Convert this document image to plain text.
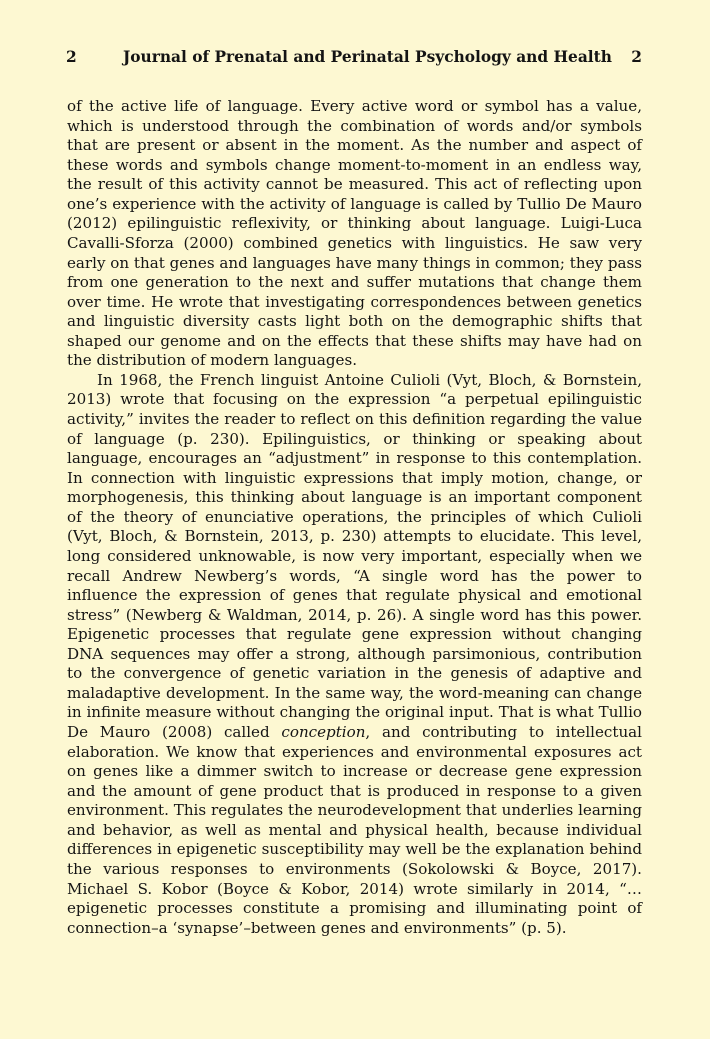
2	Journal of Prenatal and Perinatal Psychology and Health 2

of the active life of language. Every active word or symbol has a value, which is understood through the combination of words and/or symbols that are present or absent in the moment. As the number and aspect of these words and symbols change moment-to-moment in an endless way, the result of this activity cannot be measured. This act of reflecting upon one’s experience with the activity of language is called by Tullio De Mauro (2012) epilinguistic reflexivity, or thinking about language. Luigi-Luca Cavalli-Sforza (2000) combined genetics with linguistics. He saw very early on that genes and languages have many things in common; they pass from one generation to the next and suffer mutations that change them over time. He wrote that investigating correspondences between genetics and linguistic diversity casts light both on the demographic shifts that shaped our genome and on the effects that these shifts may have had on the distribution of modern languages.

In 1968, the French linguist Antoine Culioli (Vyt, Bloch, & Bornstein, 2013) wrote that focusing on the expression “a perpetual epilinguistic activity,” invites the reader to reflect on this definition regarding the value of language (p. 230). Epilinguistics, or thinking or speaking about language, encourages an “adjustment” in response to this contemplation. In connection with linguistic expressions that imply motion, change, or morphogenesis, this thinking about language is an important component of the theory of enunciative operations, the principles of which Culioli (Vyt, Bloch, & Bornstein, 2013, p. 230) attempts to elucidate. This level, long considered unknowable, is now very important, especially when we recall Andrew Newberg’s words, “A single word has the power to influence the expression of genes that regulate physical and emotional stress” (Newberg & Waldman, 2014, p. 26). A single word has this power. Epigenetic processes that regulate gene expression without changing DNA sequences may offer a strong, although parsimonious, contribution to the convergence of genetic variation in the genesis of adaptive and maladaptive development. In the same way, the word-meaning can change in infinite measure without changing the original input. That is what Tullio De Mauro (2008) called conception, and contributing to intellectual elaboration. We know that experiences and environmental exposures act on genes like a dimmer switch to increase or decrease gene expression and the amount of gene product that is produced in response to a given environment. This regulates the neurodevelopment that underlies learning and behavior, as well as mental and physical health, because individual differences in epigenetic susceptibility may well be the explanation behind the various responses to environments (Sokolowski & Boyce, 2017). Michael S. Kobor (Boyce & Kobor, 2014) wrote similarly in 2014, “… epigenetic processes constitute a promising and illuminating point of connection–a ‘synapse’–between genes and environments” (p. 5).
